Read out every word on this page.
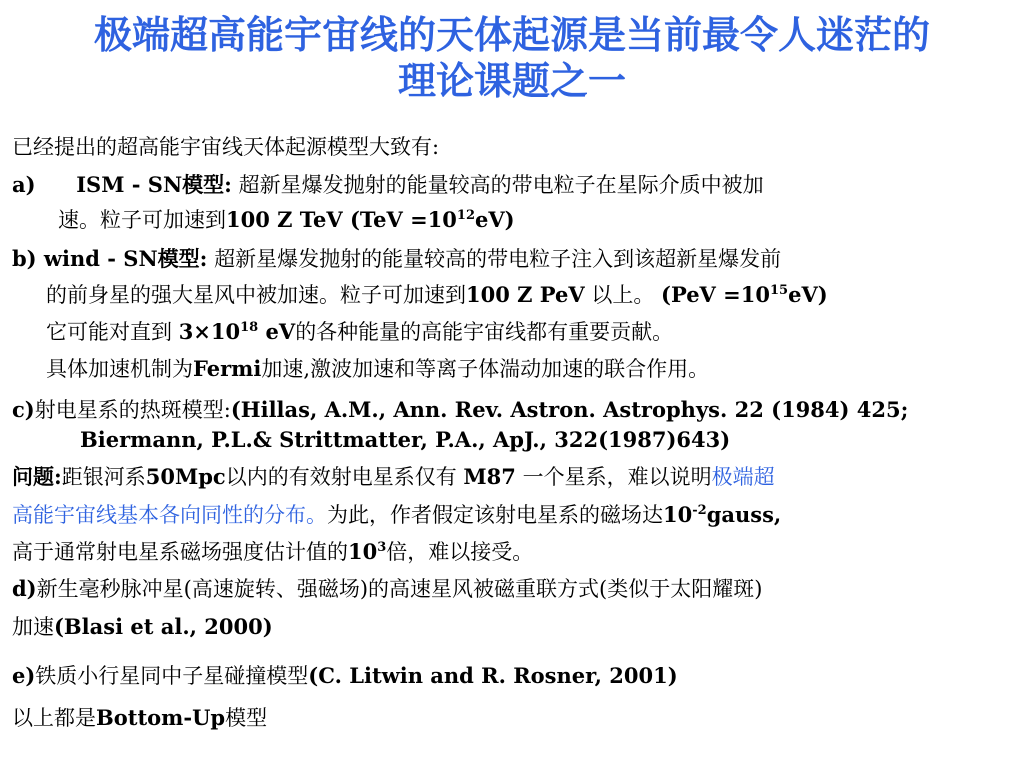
极端超高能宇宙线的天体起源是当前最令人迷茫的
理论课题之一
已经提出的超高能宇宙线天体起源模型大致有:
a) ISM - SN模型: 超新星爆发抛射的能量较高的带电粒子在星际介质中被加
速。粒子可加速到100 Z TeV $(TeV =10^{12}eV)$
b) wind - SN模型: 超新星爆发抛射的能量较高的带电粒子注入到该超新星爆发前
的前身星的强大星风中被加速。粒子可加速到100 Z PeV 以上。 $(PeV =10^{15}eV)$
它可能对直到 $3\times 10^{18}$ eV的各种能量的高能宇宙线都有重要贡献。
具体加速机制为Fermi加速,激波加速和等离子体湍动加速的联合作用。
c)射电星系的热斑模型:(Hillas, A.M., Ann. Rev. Astron. Astrophys. 22 (1984) 425;
Biermann, P.L.& Strittmatter, P.A., ApJ., 322(1987)643)
问题:距银河系50Mpc以内的有效射电星系仅有 M87 一个星系，难以说明极端超
高能宇宙线基本各向同性的分布。为此，作者假定该射电星系的磁场达$10^{-2}gauss$,
高于通常射电星系磁场强度估计值的$10^3$倍，难以接受。
d)新生毫秒脉冲星(高速旋转、强磁场)的高速星风被磁重联方式(类似于太阳耀斑)
加速(Blasi et al., 2000)
e)铁质小行星同中子星碰撞模型(C. Litwin and R. Rosner, 2001)
以上都是Bottom-Up模型
